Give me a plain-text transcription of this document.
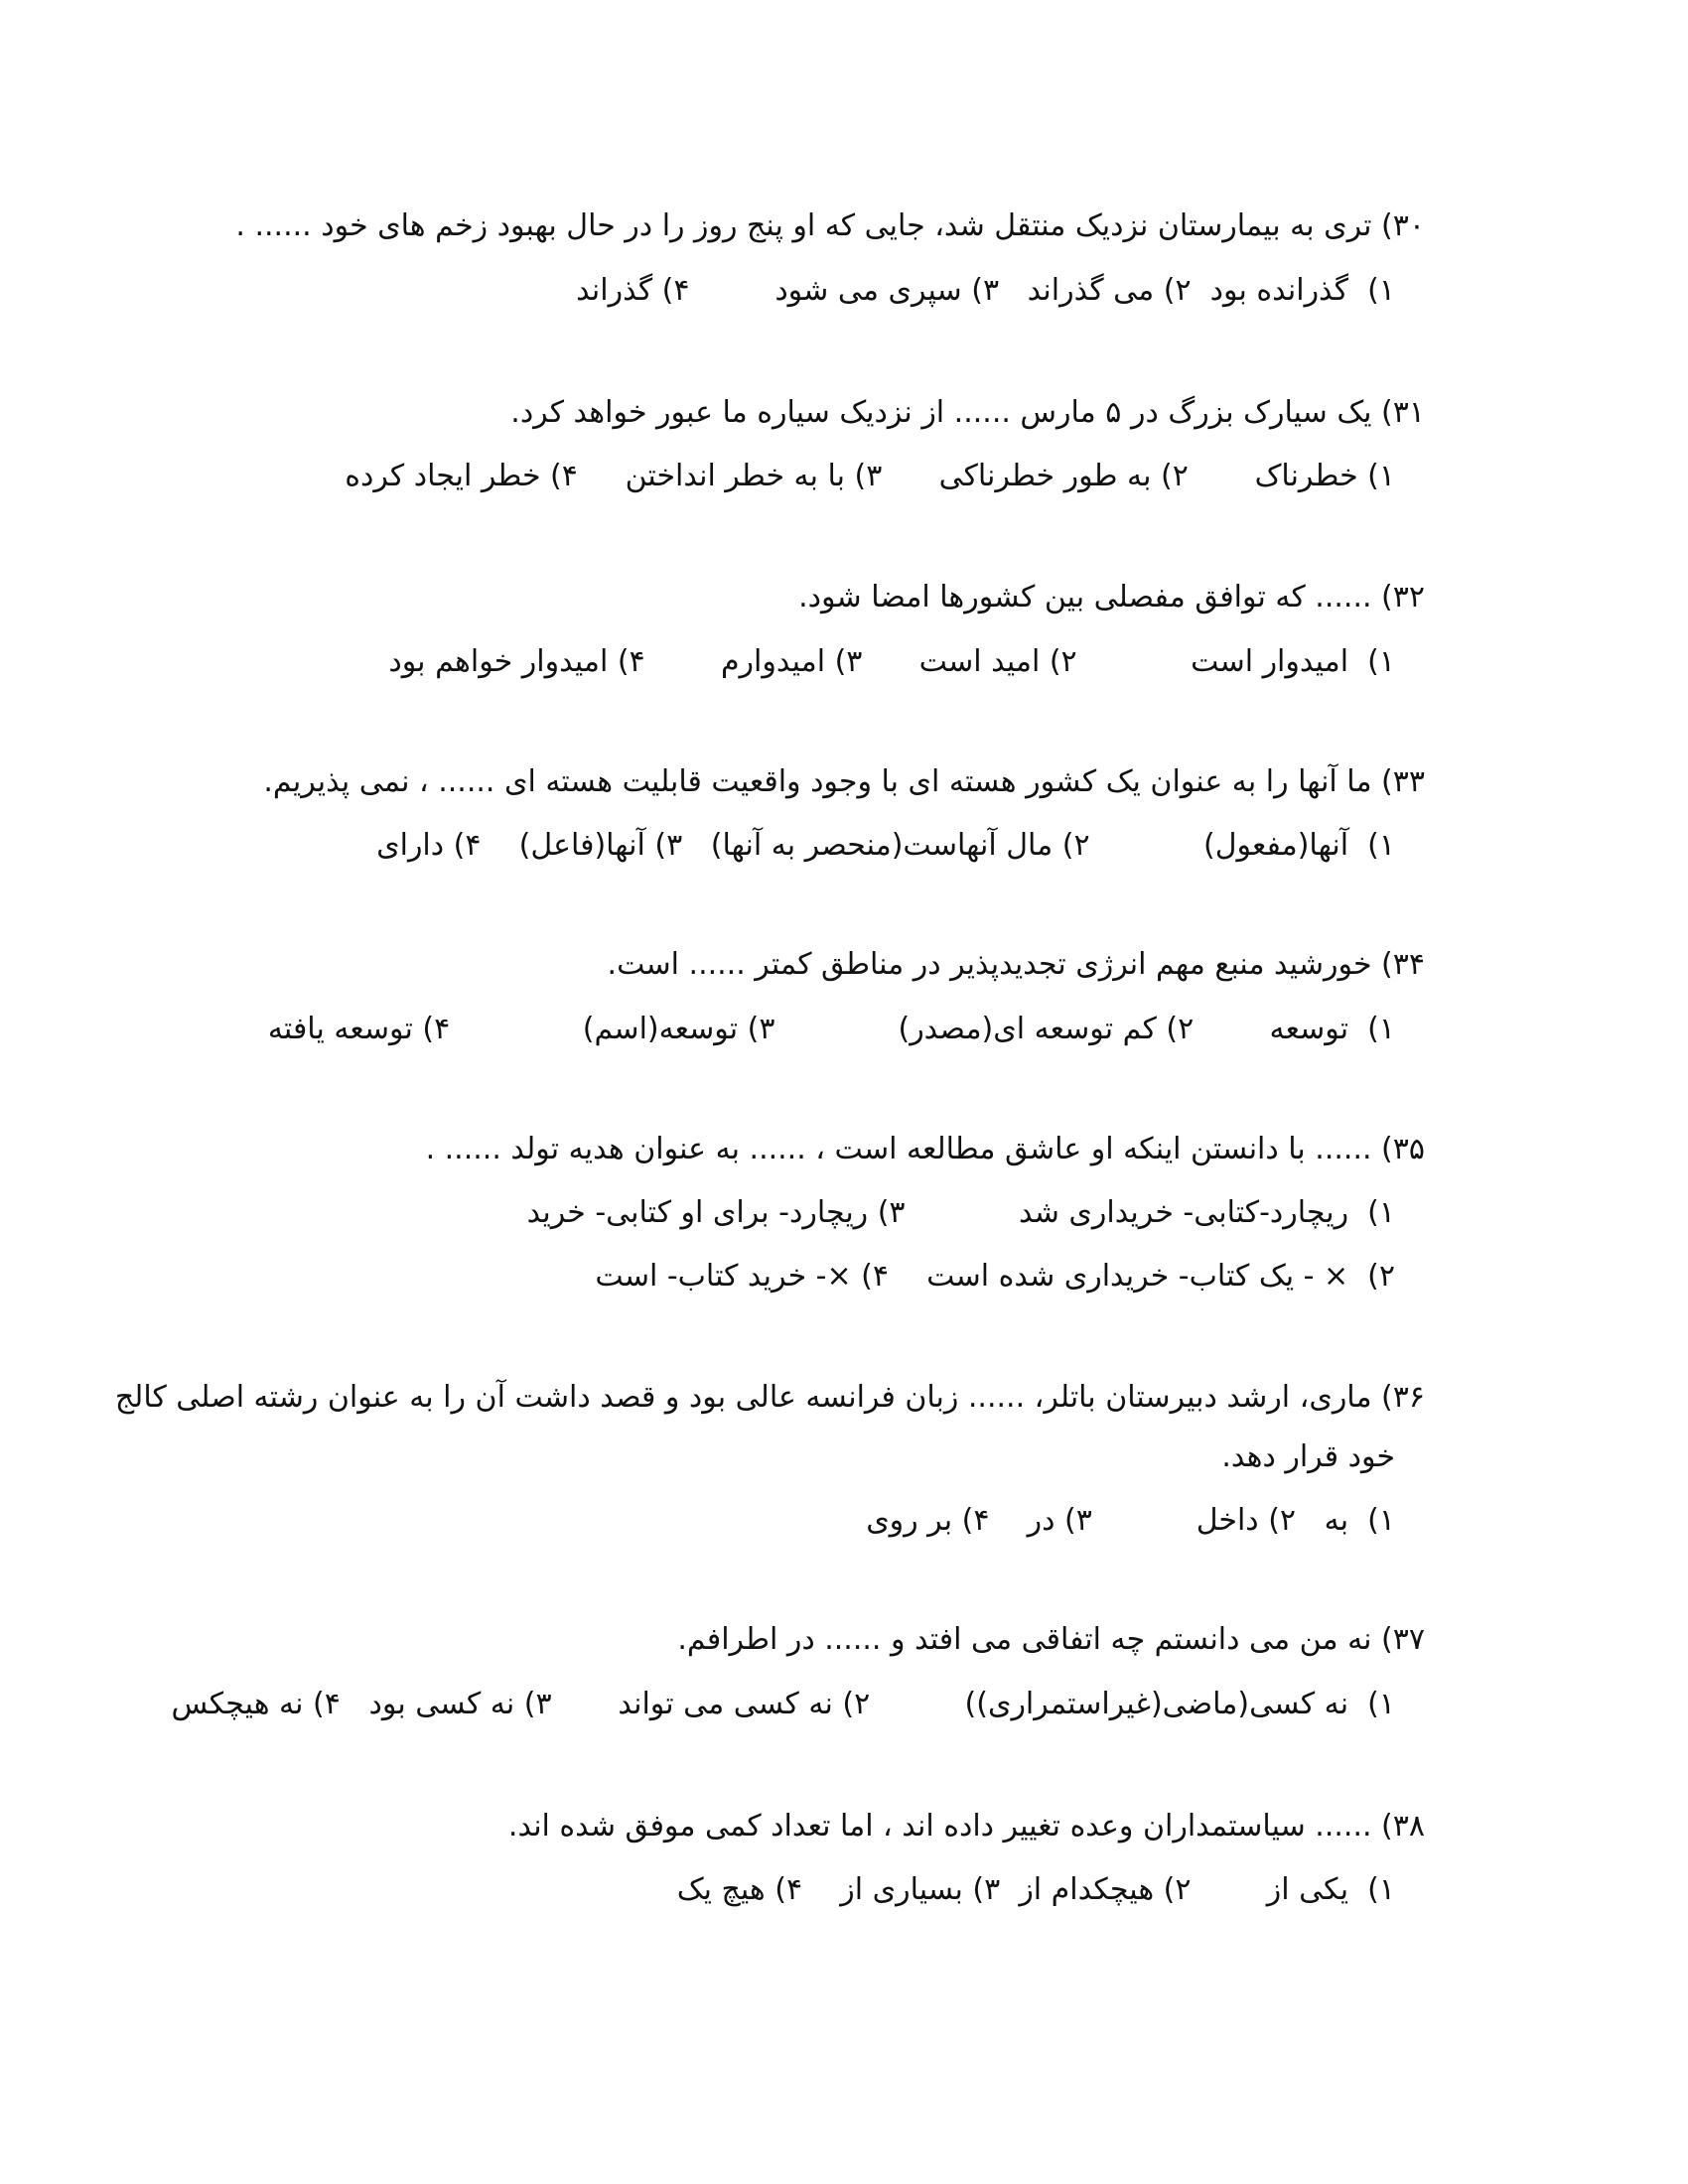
۳۰) تری به بیمارستان نزدیک منتقل شد، جایی که او پنج روز را در حال بهبود زخم های خود ...... .

۱)  گذرانده بود  ۲) می گذراند   ۳) سپری می شود         ۴) گذراند

۳۱) یک سیارک بزرگ در ۵ مارس ...... از نزدیک سیاره ما عبور خواهد کرد.

۱) خطرناک       ۲) به طور خطرناکی      ۳) با به خطر انداختن     ۴) خطر ایجاد کرده

۳۲) ...... که توافق مفصلی بین کشورها امضا شود.

۱)  امیدوار است            ۲) امید است      ۳) امیدوارم        ۴) امیدوار خواهم بود

۳۳) ما آنها را به عنوان یک کشور هسته ای با وجود واقعیت قابلیت هسته ای ...... ، نمی پذیریم.

۱)  آنها(مفعول)            ۲) مال آنهاست(منحصر به آنها)   ۳) آنها(فاعل)    ۴) دارای

۳۴) خورشید منبع مهم انرژی تجدیدپذیر در مناطق کمتر ...... است.

۱)  توسعه        ۲) کم توسعه ای(مصدر)             ۳) توسعه(اسم)              ۴) توسعه یافته

۳۵) ...... با دانستن اینکه او عاشق مطالعه است ، ...... به عنوان هدیه تولد ...... .

۱)  ریچارد-کتابی- خریداری شد            ۳) ریچارد- برای او کتابی- خرید

۲)  × - یک کتاب- خریداری شده است    ۴) ×- خرید کتاب- است

۳۶) ماری، ارشد دبیرستان باتلر، ...... زبان فرانسه عالی بود و قصد داشت آن را به عنوان رشته اصلی کالج

خود قرار دهد.

۱)  به   ۲) داخل           ۳) در    ۴) بر روی

۳۷) نه من می دانستم چه اتفاقی می افتد و ...... در اطرافم.

۱)  نه کسی(ماضی(غیراستمراری))          ۲) نه کسی می تواند       ۳) نه کسی بود   ۴) نه هیچکس

۳۸) ...... سیاستمداران وعده تغییر داده اند ، اما تعداد کمی موفق شده اند.

۱)  یکی از        ۲) هیچکدام از  ۳) بسیاری از    ۴) هیچ یک
